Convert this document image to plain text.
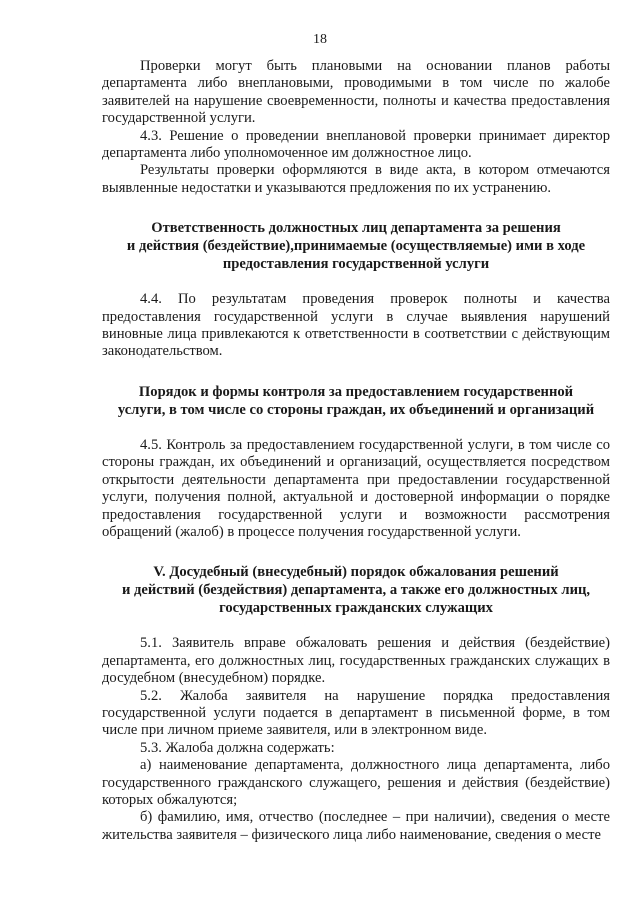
18

Проверки могут быть плановыми на основании планов работы департамента либо внеплановыми, проводимыми в том числе по жалобе заявителей на нарушение своевременности, полноты и качества предоставления государственной услуги.

4.3. Решение о проведении внеплановой проверки принимает директор департамента либо уполномоченное им должностное лицо.

Результаты проверки оформляются в виде акта, в котором отмечаются выявленные недостатки и указываются предложения по их устранению.

Ответственность должностных лиц департамента за решения
и действия (бездействие),принимаемые (осуществляемые) ими в ходе
предоставления государственной услуги

4.4. По результатам проведения проверок полноты и качества предоставления государственной услуги в случае выявления нарушений виновные лица привлекаются к ответственности в соответствии с действующим законодательством.

Порядок и формы контроля за предоставлением государственной
услуги, в том числе со стороны граждан, их объединений и организаций

4.5. Контроль за предоставлением государственной услуги, в том числе со стороны граждан, их объединений и организаций, осуществляется посредством открытости деятельности департамента при предоставлении государственной услуги, получения полной, актуальной и достоверной информации о порядке предоставления государственной услуги и возможности рассмотрения обращений (жалоб) в процессе получения государственной услуги.

V. Досудебный (внесудебный) порядок обжалования решений
и действий (бездействия) департамента, а также его должностных лиц,
государственных гражданских служащих

5.1. Заявитель вправе обжаловать решения и действия (бездействие) департамента, его должностных лиц, государственных гражданских служащих в досудебном (внесудебном) порядке.

5.2. Жалоба заявителя на нарушение порядка предоставления государственной услуги подается в департамент в письменной форме, в том числе при личном приеме заявителя, или в электронном виде.

5.3. Жалоба должна содержать:

а) наименование департамента, должностного лица департамента, либо государственного гражданского служащего, решения и действия (бездействие) которых обжалуются;

б) фамилию, имя, отчество (последнее – при наличии), сведения о месте жительства заявителя – физического лица либо наименование, сведения о месте
